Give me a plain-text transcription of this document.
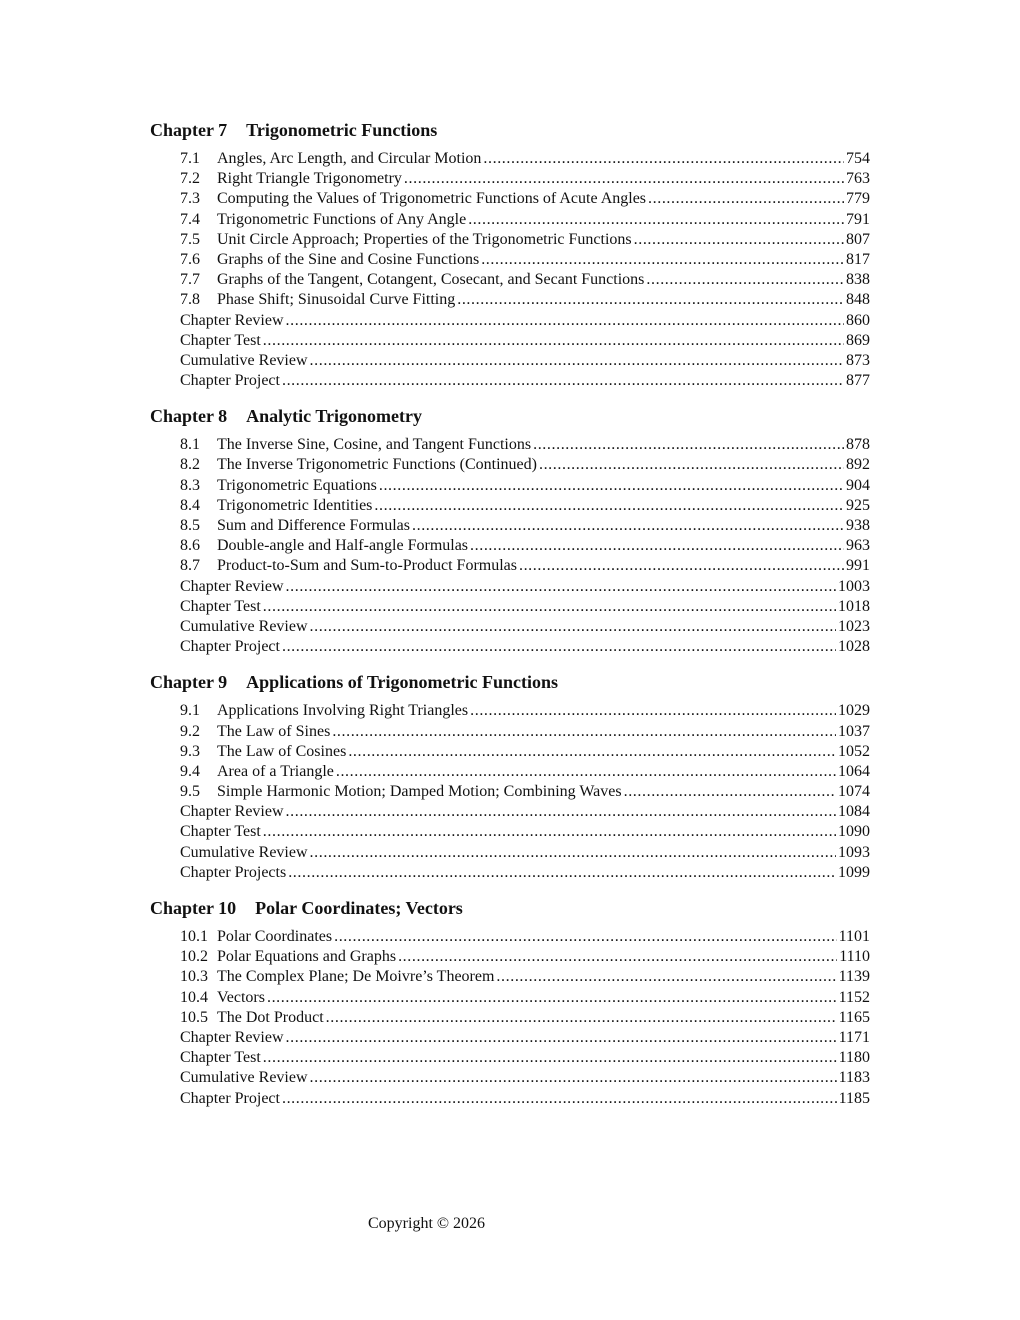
Chapter 7 Trigonometric Functions
7.1	Angles, Arc Length, and Circular Motion .....	754
7.2	Right Triangle Trigonometry .....	763
7.3	Computing the Values of Trigonometric Functions of Acute Angles .....	779
7.4	Trigonometric Functions of Any Angle .....	791
7.5	Unit Circle Approach; Properties of the Trigonometric Functions .....	807
7.6	Graphs of the Sine and Cosine Functions .....	817
7.7	Graphs of the Tangent, Cotangent, Cosecant, and Secant Functions .....	838
7.8	Phase Shift; Sinusoidal Curve Fitting .....	848
Chapter Review .....	860
Chapter Test .....	869
Cumulative Review .....	873
Chapter Project .....	877
Chapter 8 Analytic Trigonometry
8.1	The Inverse Sine, Cosine, and Tangent Functions .....	878
8.2	The Inverse Trigonometric Functions (Continued) .....	892
8.3	Trigonometric Equations .....	904
8.4	Trigonometric Identities .....	925
8.5	Sum and Difference Formulas .....	938
8.6	Double-angle and Half-angle Formulas .....	963
8.7	Product-to-Sum and Sum-to-Product Formulas .....	991
Chapter Review .....	1003
Chapter Test .....	1018
Cumulative Review .....	1023
Chapter Project .....	1028
Chapter 9 Applications of Trigonometric Functions
9.1	Applications Involving Right Triangles .....	1029
9.2	The Law of Sines .....	1037
9.3	The Law of Cosines .....	1052
9.4	Area of a Triangle .....	1064
9.5	Simple Harmonic Motion; Damped Motion; Combining Waves .....	1074
Chapter Review .....	1084
Chapter Test .....	1090
Cumulative Review .....	1093
Chapter Projects .....	1099
Chapter 10 Polar Coordinates; Vectors
10.1 Polar Coordinates .....	1101
10.2 Polar Equations and Graphs .....	1110
10.3 The Complex Plane; De Moivre’s Theorem .....	1139
10.4 Vectors .....	1152
10.5 The Dot Product .....	1165
Chapter Review .....	1171
Chapter Test .....	1180
Cumulative Review .....	1183
Chapter Project .....	1185
Copyright © 2026
